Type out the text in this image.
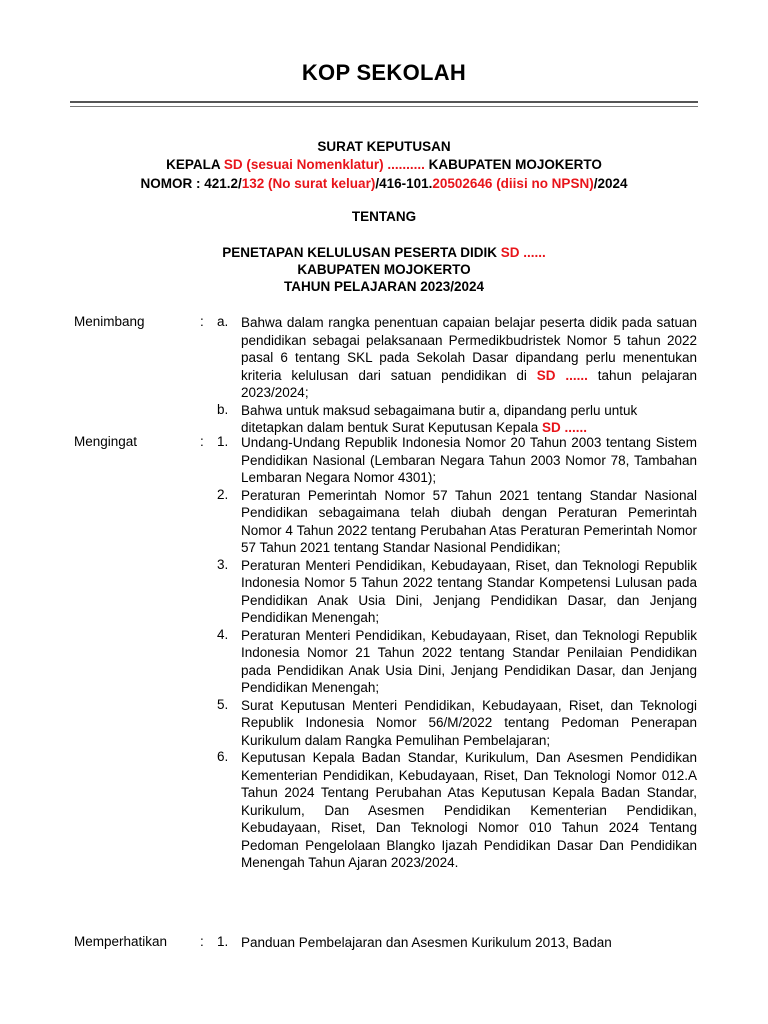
KOP SEKOLAH
SURAT KEPUTUSAN
KEPALA SD (sesuai Nomenklatur) .......... KABUPATEN MOJOKERTO
NOMOR : 421.2/132 (No surat keluar)/416-101.20502646 (diisi no NPSN)/2024
TENTANG
PENETAPAN KELULUSAN PESERTA DIDIK SD ......
KABUPATEN MOJOKERTO
TAHUN PELAJARAN 2023/2024
Menimbang	: a. Bahwa dalam rangka penentuan capaian belajar peserta didik pada satuan pendidikan sebagai pelaksanaan Permedikbudristek Nomor 5 tahun 2022 pasal 6 tentang SKL pada Sekolah Dasar dipandang perlu menentukan kriteria kelulusan dari satuan pendidikan di SD ...... tahun pelajaran 2023/2024;
b. Bahwa untuk maksud sebagaimana butir a, dipandang perlu untuk ditetapkan dalam bentuk Surat Keputusan Kepala SD ......
Mengingat	: 1. Undang-Undang Republik Indonesia Nomor 20 Tahun 2003 tentang Sistem Pendidikan Nasional (Lembaran Negara Tahun 2003 Nomor 78, Tambahan Lembaran Negara Nomor 4301);
2. Peraturan Pemerintah Nomor 57 Tahun 2021 tentang Standar Nasional Pendidikan sebagaimana telah diubah dengan Peraturan Pemerintah Nomor 4 Tahun 2022 tentang Perubahan Atas Peraturan Pemerintah Nomor 57 Tahun 2021 tentang Standar Nasional Pendidikan;
3. Peraturan Menteri Pendidikan, Kebudayaan, Riset, dan Teknologi Republik Indonesia Nomor 5 Tahun 2022 tentang Standar Kompetensi Lulusan pada Pendidikan Anak Usia Dini, Jenjang Pendidikan Dasar, dan Jenjang Pendidikan Menengah;
4. Peraturan Menteri Pendidikan, Kebudayaan, Riset, dan Teknologi Republik Indonesia Nomor 21 Tahun 2022 tentang Standar Penilaian Pendidikan pada Pendidikan Anak Usia Dini, Jenjang Pendidikan Dasar, dan Jenjang Pendidikan Menengah;
5. Surat Keputusan Menteri Pendidikan, Kebudayaan, Riset, dan Teknologi Republik Indonesia Nomor 56/M/2022 tentang Pedoman Penerapan Kurikulum dalam Rangka Pemulihan Pembelajaran;
6. Keputusan Kepala Badan Standar, Kurikulum, Dan Asesmen Pendidikan Kementerian Pendidikan, Kebudayaan, Riset, Dan Teknologi Nomor 012.A Tahun 2024 Tentang Perubahan Atas Keputusan Kepala Badan Standar, Kurikulum, Dan Asesmen Pendidikan Kementerian Pendidikan, Kebudayaan, Riset, Dan Teknologi Nomor 010 Tahun 2024 Tentang Pedoman Pengelolaan Blangko Ijazah Pendidikan Dasar Dan Pendidikan Menengah Tahun Ajaran 2023/2024.
Memperhatikan : 1. Panduan Pembelajaran dan Asesmen Kurikulum 2013, Badan
